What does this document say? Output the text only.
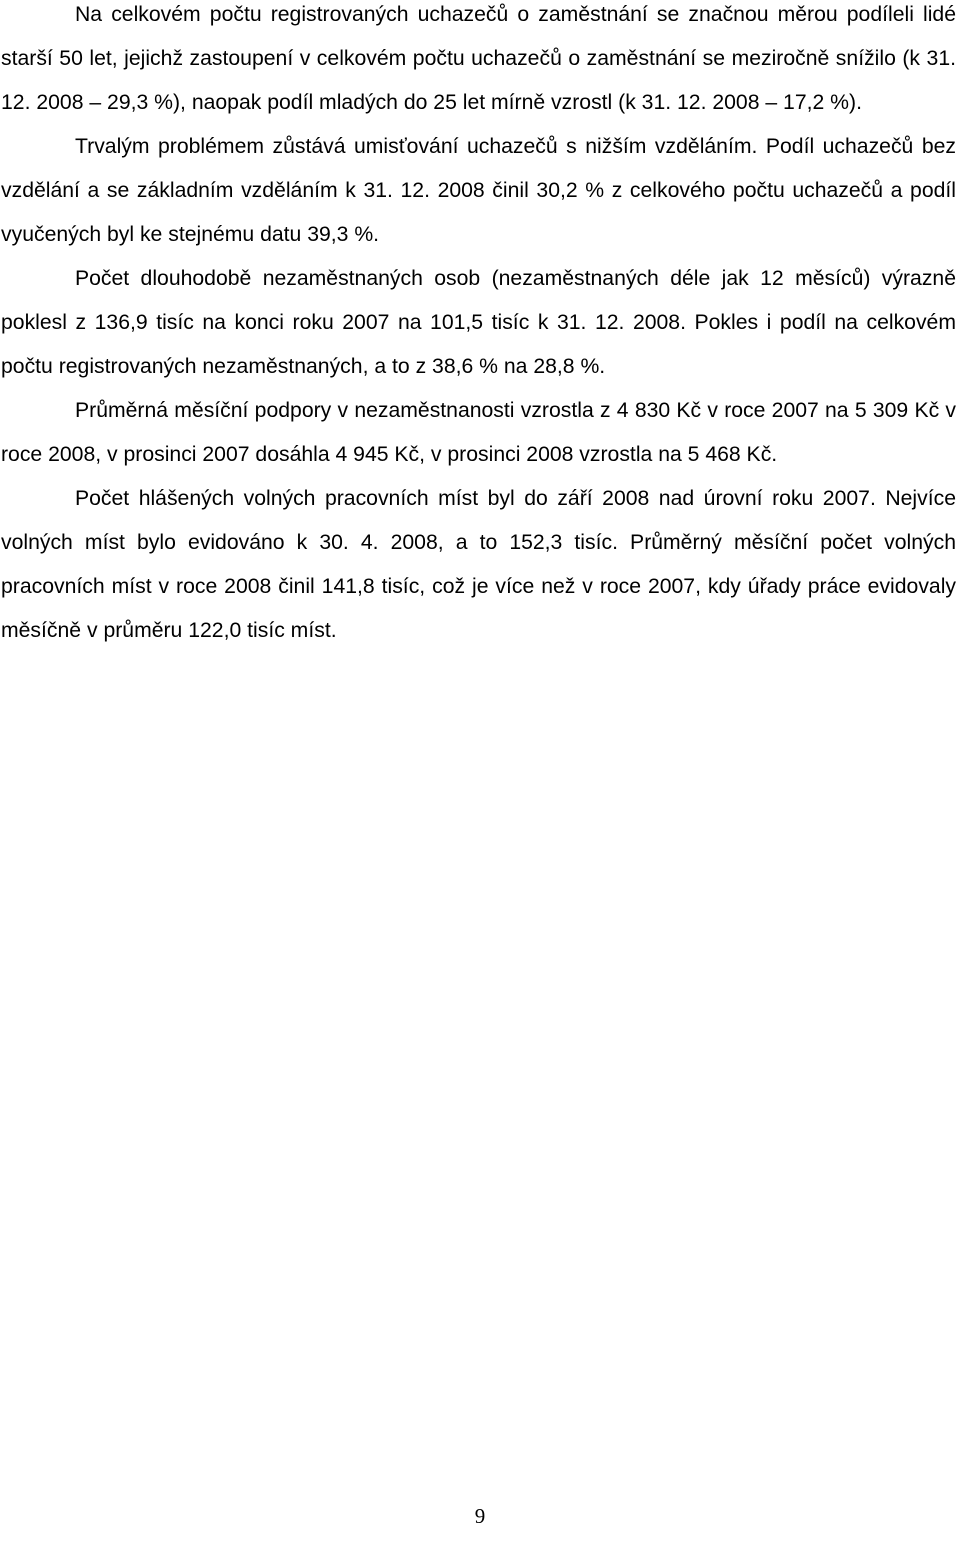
Na celkovém počtu registrovaných uchazečů o zaměstnání se značnou měrou podíleli lidé starší 50 let, jejichž zastoupení v celkovém počtu uchazečů o zaměstnání se meziročně snížilo (k 31. 12. 2008 – 29,3 %), naopak podíl mladých do 25 let mírně vzrostl (k 31. 12. 2008 – 17,2 %).

Trvalým problémem zůstává umisťování uchazečů s nižším vzděláním. Podíl uchazečů bez vzdělání a se základním vzděláním k 31. 12. 2008 činil 30,2 % z celkového počtu uchazečů a podíl vyučených byl ke stejnému datu 39,3 %.

Počet dlouhodobě nezaměstnaných osob (nezaměstnaných déle jak 12 měsíců) výrazně poklesl z 136,9 tisíc na konci roku 2007 na 101,5 tisíc k 31. 12. 2008. Pokles i podíl na celkovém počtu registrovaných nezaměstnaných, a to z 38,6 % na 28,8 %.

Průměrná měsíční podpory v nezaměstnanosti vzrostla z 4 830 Kč v roce 2007 na 5 309 Kč v roce 2008, v prosinci 2007 dosáhla 4 945 Kč, v prosinci 2008 vzrostla na 5 468 Kč.

Počet hlášených volných pracovních míst byl do září 2008 nad úrovní roku 2007. Nejvíce volných míst bylo evidováno k 30. 4. 2008, a to 152,3 tisíc. Průměrný měsíční počet volných pracovních míst v roce 2008 činil 141,8 tisíc, což je více než v roce 2007, kdy úřady práce evidovaly měsíčně v průměru 122,0 tisíc míst.

9
